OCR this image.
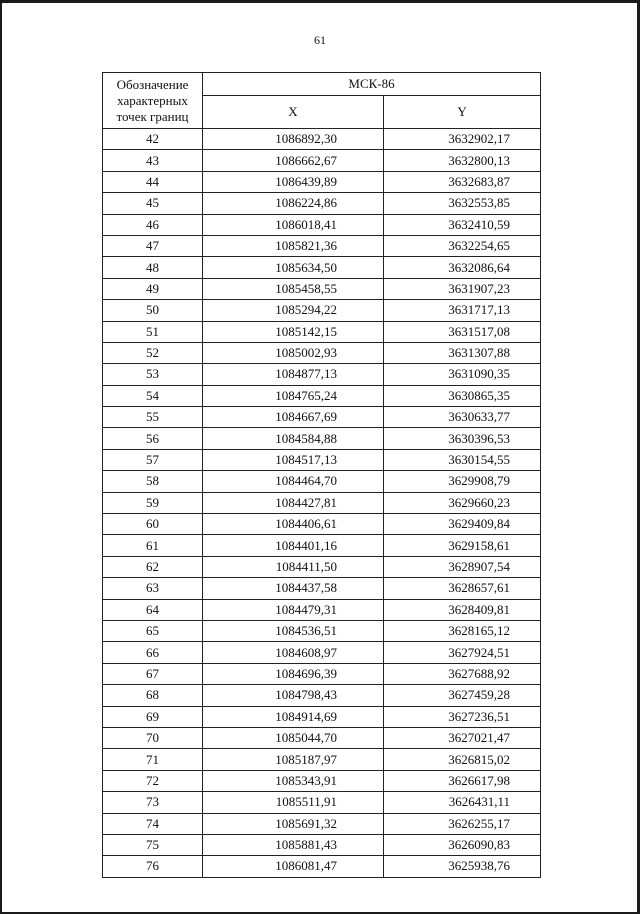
61
Обозначение характерных точек границ	МСК-86	
	X	Y
42	1086892,30	3632902,17
43	1086662,67	3632800,13
44	1086439,89	3632683,87
45	1086224,86	3632553,85
46	1086018,41	3632410,59
47	1085821,36	3632254,65
48	1085634,50	3632086,64
49	1085458,55	3631907,23
50	1085294,22	3631717,13
51	1085142,15	3631517,08
52	1085002,93	3631307,88
53	1084877,13	3631090,35
54	1084765,24	3630865,35
55	1084667,69	3630633,77
56	1084584,88	3630396,53
57	1084517,13	3630154,55
58	1084464,70	3629908,79
59	1084427,81	3629660,23
60	1084406,61	3629409,84
61	1084401,16	3629158,61
62	1084411,50	3628907,54
63	1084437,58	3628657,61
64	1084479,31	3628409,81
65	1084536,51	3628165,12
66	1084608,97	3627924,51
67	1084696,39	3627688,92
68	1084798,43	3627459,28
69	1084914,69	3627236,51
70	1085044,70	3627021,47
71	1085187,97	3626815,02
72	1085343,91	3626617,98
73	1085511,91	3626431,11
74	1085691,32	3626255,17
75	1085881,43	3626090,83
76	1086081,47	3625938,76
